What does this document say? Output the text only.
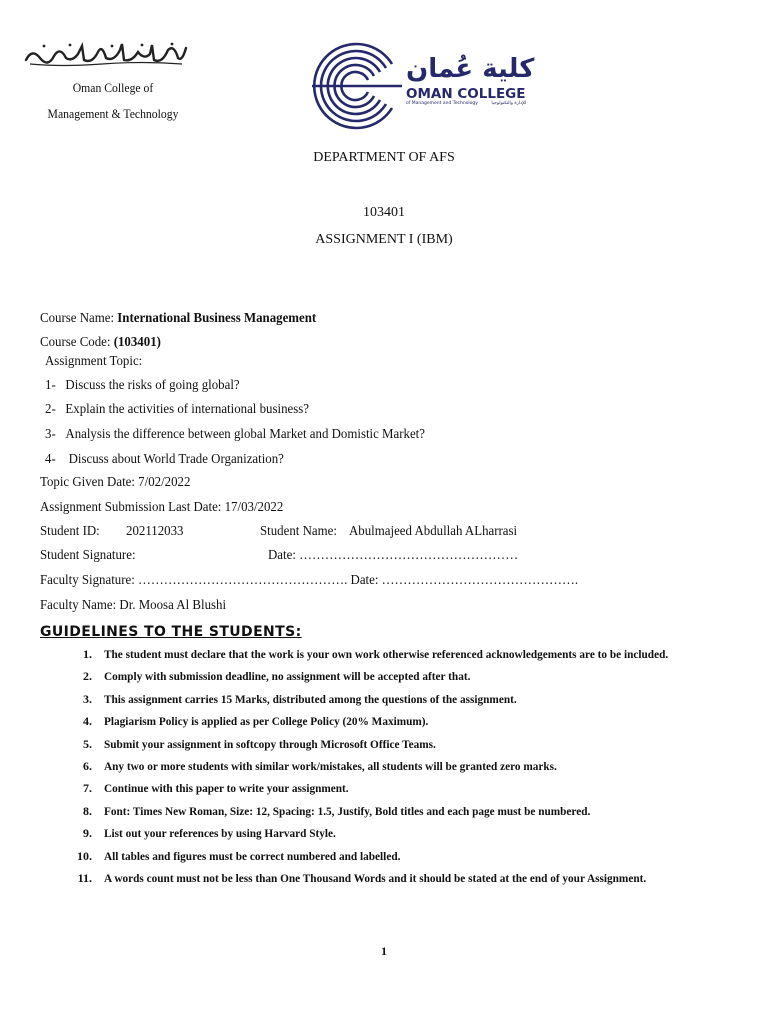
Oman College of
Management & Technology
كلية عُمان
OMAN COLLEGE
of Management and Technology	للإدارة والتكنولوجيا
DEPARTMENT OF AFS
103401
ASSIGNMENT I (IBM)
Course Name: International Business Management
Course Code: (103401)
Assignment Topic:
1- Discuss the risks of going global?
2- Explain the activities of international business?
3- Analysis the difference between global Market and Domistic Market?
4-    Discuss about World Trade Organization?
Topic Given Date: 7/02/2022
Assignment Submission Last Date: 17/03/2022
Student ID: 202112033	Student Name: Abulmajeed Abdullah ALharrasi
Student Signature:	Date: ……………………………………………
Faculty Signature: …………………………………………. Date: ……………………………………….
Faculty Name: Dr. Moosa Al Blushi
GUIDELINES TO THE STUDENTS:
1. The student must declare that the work is your own work otherwise referenced acknowledgements are to be included.
2. Comply with submission deadline, no assignment will be accepted after that.
3. This assignment carries 15 Marks, distributed among the questions of the assignment.
4. Plagiarism Policy is applied as per College Policy (20% Maximum).
5. Submit your assignment in softcopy through Microsoft Office Teams.
6. Any two or more students with similar work/mistakes, all students will be granted zero marks.
7. Continue with this paper to write your assignment.
8. Font: Times New Roman, Size: 12, Spacing: 1.5, Justify, Bold titles and each page must be numbered.
9. List out your references by using Harvard Style.
10. All tables and figures must be correct numbered and labelled.
11. A words count must not be less than One Thousand Words and it should be stated at the end of your Assignment.
1
